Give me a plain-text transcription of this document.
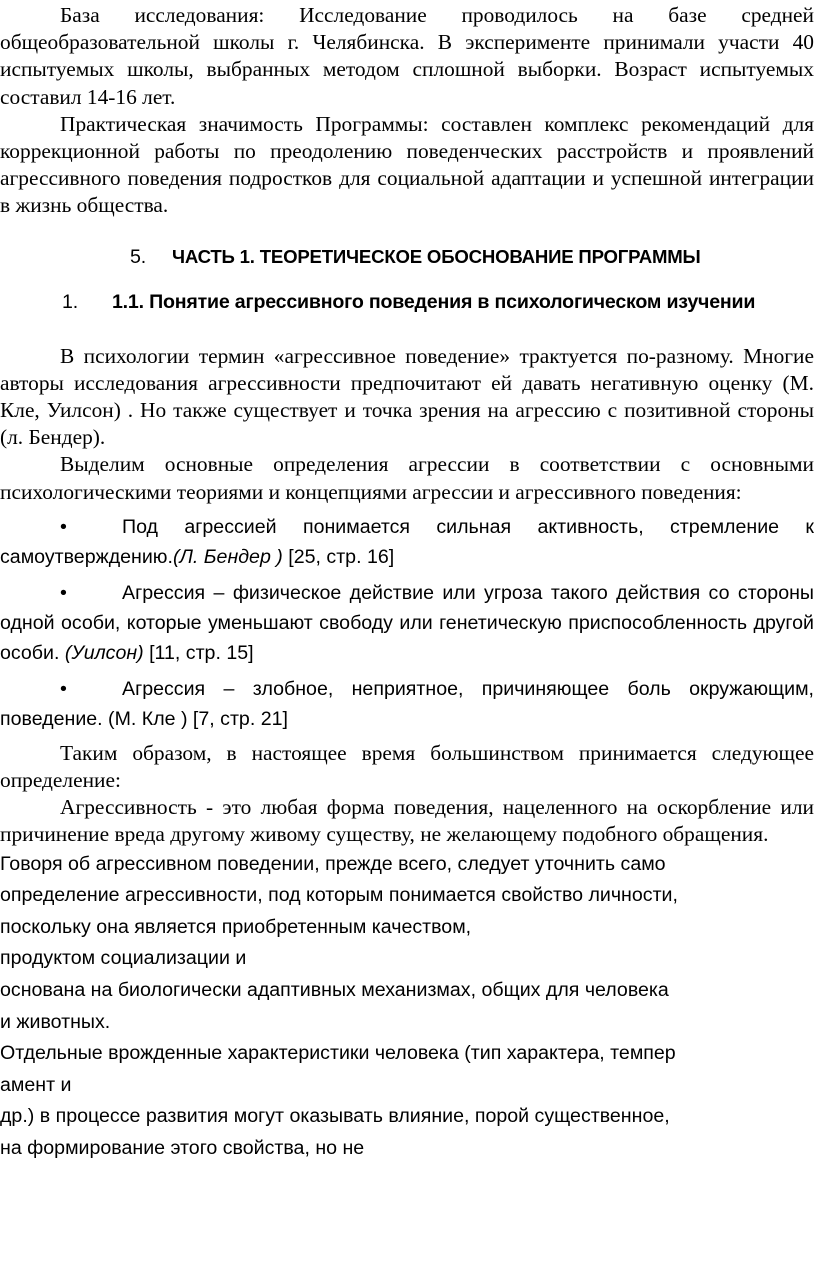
База исследования: Исследование проводилось на базе средней общеобразовательной школы г. Челябинска. В эксперименте принимали участи 40 испытуемых школы, выбранных методом сплошной выборки. Возраст испытуемых составил 14-16 лет.

Практическая значимость Программы: составлен комплекс рекомендаций для коррекционной работы по преодолению поведенческих расстройств и проявлений агрессивного поведения подростков для социальной адаптации и успешной интеграции в жизнь общества.

5. ЧАСТЬ 1. ТЕОРЕТИЧЕСКОЕ ОБОСНОВАНИЕ ПРОГРАММЫ
1. 1.1. Понятие агрессивного поведения в психологическом изучении

В психологии термин «агрессивное поведение» трактуется по-разному. Многие авторы исследования агрессивности предпочитают ей давать негативную оценку (М. Кле, Уилсон) . Но также существует и точка зрения на агрессию с позитивной стороны (л. Бендер).

Выделим основные определения агрессии в соответствии с основными психологическими теориями и концепциями агрессии и агрессивного поведения:

•	Под агрессией понимается сильная активность, стремление к самоутверждению.(Л. Бендер ) [25, стр. 16]

•	Агрессия – физическое действие или угроза такого действия со стороны одной особи, которые уменьшают свободу или генетическую приспособленность другой особи. (Уилсон) [11, стр. 15]

•	Агрессия – злобное, неприятное, причиняющее боль окружающим, поведение. (М. Кле ) [7, стр. 21]

Таким образом, в настоящее время большинством принимается следующее определение:

Агрессивность - это любая форма поведения, нацеленного на оскорбление или причинение вреда другому живому существу, не желающему подобного обращения.

Говоря об агрессивном поведении, прежде всего, следует уточнить само

определение агрессивности, под которым понимается свойство личности,

поскольку она является приобретенным качеством,

продуктом социализации и

основана на биологически адаптивных механизмах, общих для человека

и животных.

Отдельные врожденные характеристики человека (тип характера, темпер

амент и

др.) в процессе развития могут оказывать влияние, порой существенное,

на формирование этого свойства, но не
